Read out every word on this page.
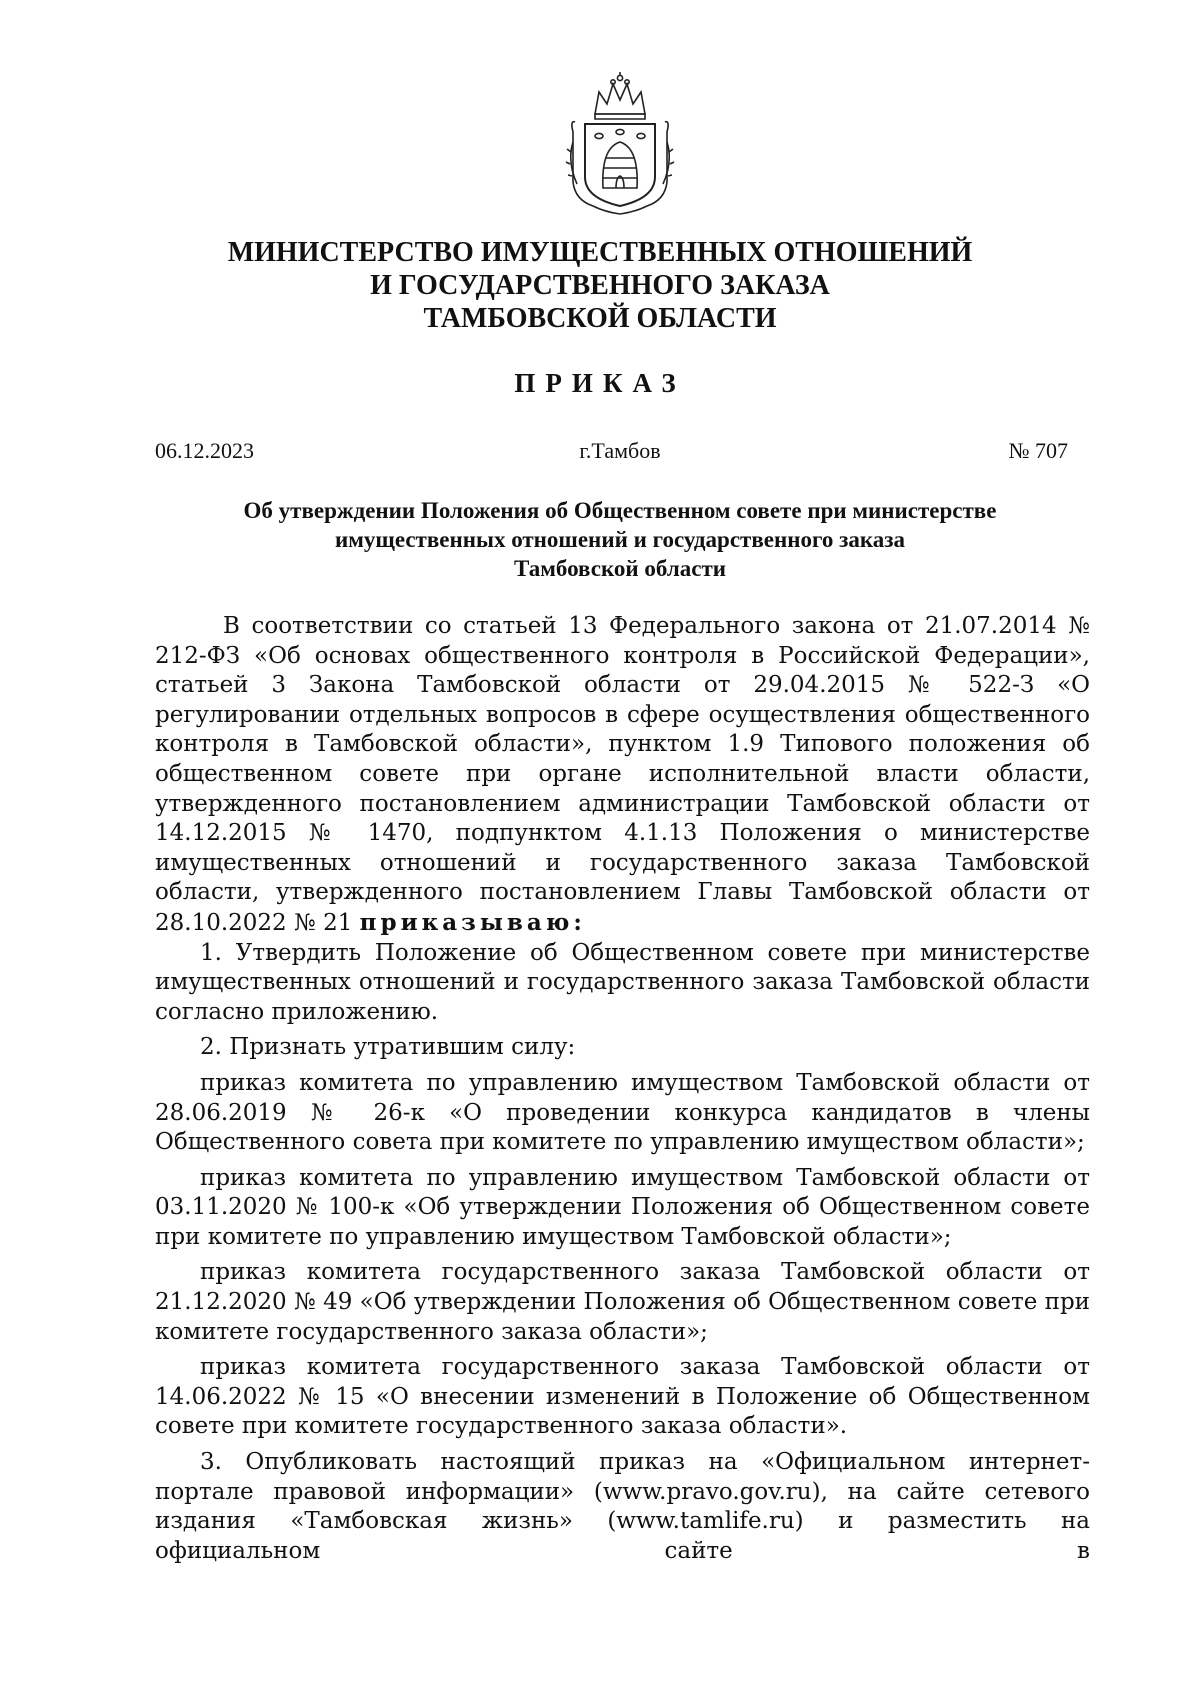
МИНИСТЕРСТВО ИМУЩЕСТВЕННЫХ ОТНОШЕНИЙ
И ГОСУДАРСТВЕННОГО ЗАКАЗА
ТАМБОВСКОЙ ОБЛАСТИ
ПРИКАЗ
06.12.2023	г.Тамбов	№ 707
Об утверждении Положения об Общественном совете при министерстве
имущественных отношений и государственного заказа
Тамбовской области

В соответствии со статьей 13 Федерального закона от 21.07.2014 № 212-ФЗ «Об основах общественного контроля в Российской Федерации», статьей 3 Закона Тамбовской области от 29.04.2015 № 522-З «О регулировании отдельных вопросов в сфере осуществления общественного контроля в Тамбовской области», пунктом 1.9 Типового положения об общественном совете при органе исполнительной власти области, утвержденного постановлением администрации Тамбовской области от 14.12.2015 № 1470, подпунктом 4.1.13 Положения о министерстве имущественных отношений и государственного заказа Тамбовской области, утвержденного постановлением Главы Тамбовской области от 28.10.2022 № 21 приказываю:

1. Утвердить Положение об Общественном совете при министерстве имущественных отношений и государственного заказа Тамбовской области согласно приложению.

2. Признать утратившим силу:

приказ комитета по управлению имуществом Тамбовской области от 28.06.2019 № 26-к «О проведении конкурса кандидатов в члены Общественного совета при комитете по управлению имуществом области»;

приказ комитета по управлению имуществом Тамбовской области от 03.11.2020 № 100-к «Об утверждении Положения об Общественном совете при комитете по управлению имуществом Тамбовской области»;

приказ комитета государственного заказа Тамбовской области от 21.12.2020 № 49 «Об утверждении Положения об Общественном совете при комитете государственного заказа области»;

приказ комитета государственного заказа Тамбовской области от 14.06.2022 № 15 «О внесении изменений в Положение об Общественном совете при комитете государственного заказа области».

3. Опубликовать настоящий приказ на «Официальном интернет-портале правовой информации» (www.pravo.gov.ru), на сайте сетевого издания «Тамбовская жизнь» (www.tamlife.ru) и разместить на официальном сайте в
